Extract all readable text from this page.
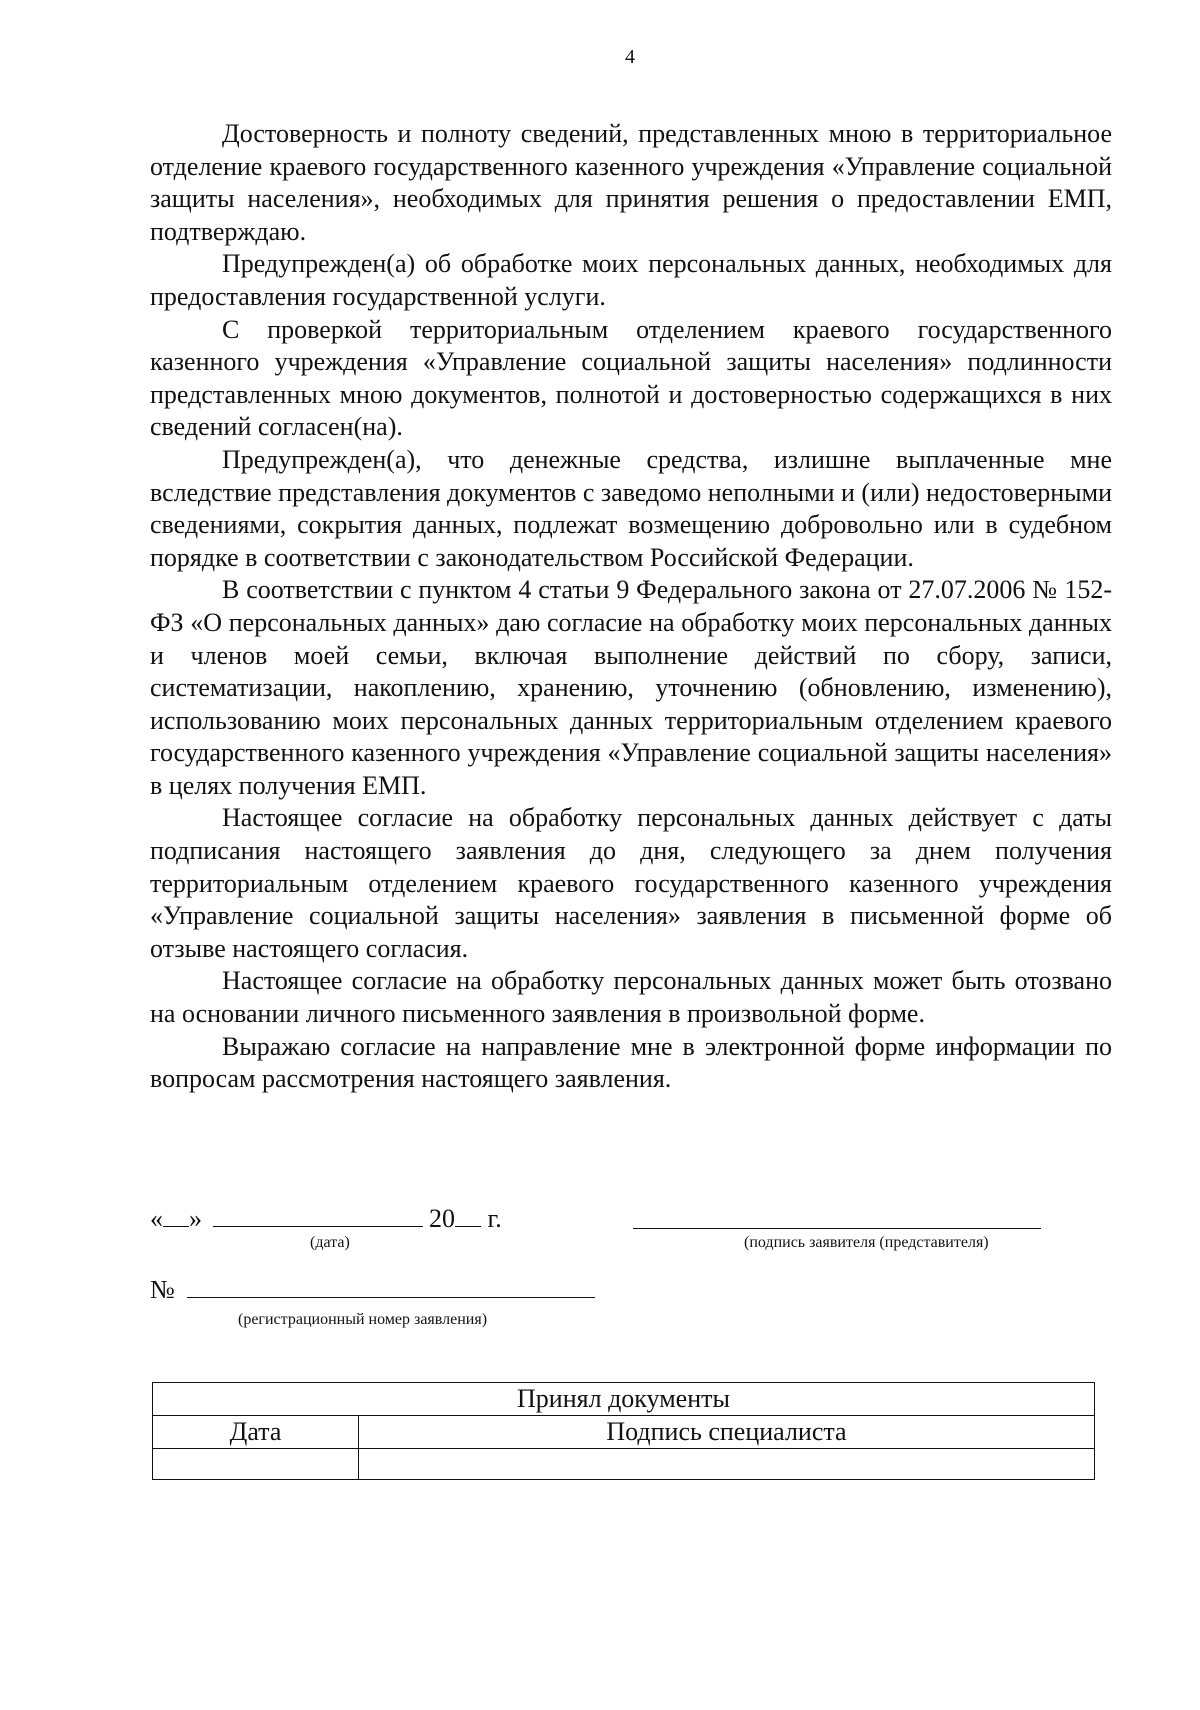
4

Достоверность и полноту сведений, представленных мною в территориальное отделение краевого государственного казенного учреждения «Управление социальной защиты населения», необходимых для принятия решения о предоставлении ЕМП, подтверждаю.

Предупрежден(а) об обработке моих персональных данных, необходимых для предоставления государственной услуги.

С проверкой территориальным отделением краевого государственного казенного учреждения «Управление социальной защиты населения» подлинности представленных мною документов, полнотой и достоверностью содержащихся в них сведений согласен(на).

Предупрежден(а), что денежные средства, излишне выплаченные мне вследствие представления документов с заведомо неполными и (или) недостоверными сведениями, сокрытия данных, подлежат возмещению добровольно или в судебном порядке в соответствии с законодательством Российской Федерации.

В соответствии с пунктом 4 статьи 9 Федерального закона от 27.07.2006 № 152-ФЗ «О персональных данных» даю согласие на обработку моих персональных данных и членов моей семьи, включая выполнение действий по сбору, записи, систематизации, накоплению, хранению, уточнению (обновлению, изменению), использованию моих персональных данных территориальным отделением краевого государственного казенного учреждения «Управление социальной защиты населения» в целях получения ЕМП.

Настоящее согласие на обработку персональных данных действует с даты подписания настоящего заявления до дня, следующего за днем получения территориальным отделением краевого государственного казенного учреждения «Управление социальной защиты населения» заявления в письменной форме об отзыве настоящего согласия.

Настоящее согласие на обработку персональных данных может быть отозвано на основании личного письменного заявления в произвольной форме.

Выражаю согласие на направление мне в электронной форме информации по вопросам рассмотрения настоящего заявления.

« »	20 г.
(дата)	(подпись заявителя (представителя)
№
(регистрационный номер заявления)
Принял документы	
Дата	Подпись специалиста
